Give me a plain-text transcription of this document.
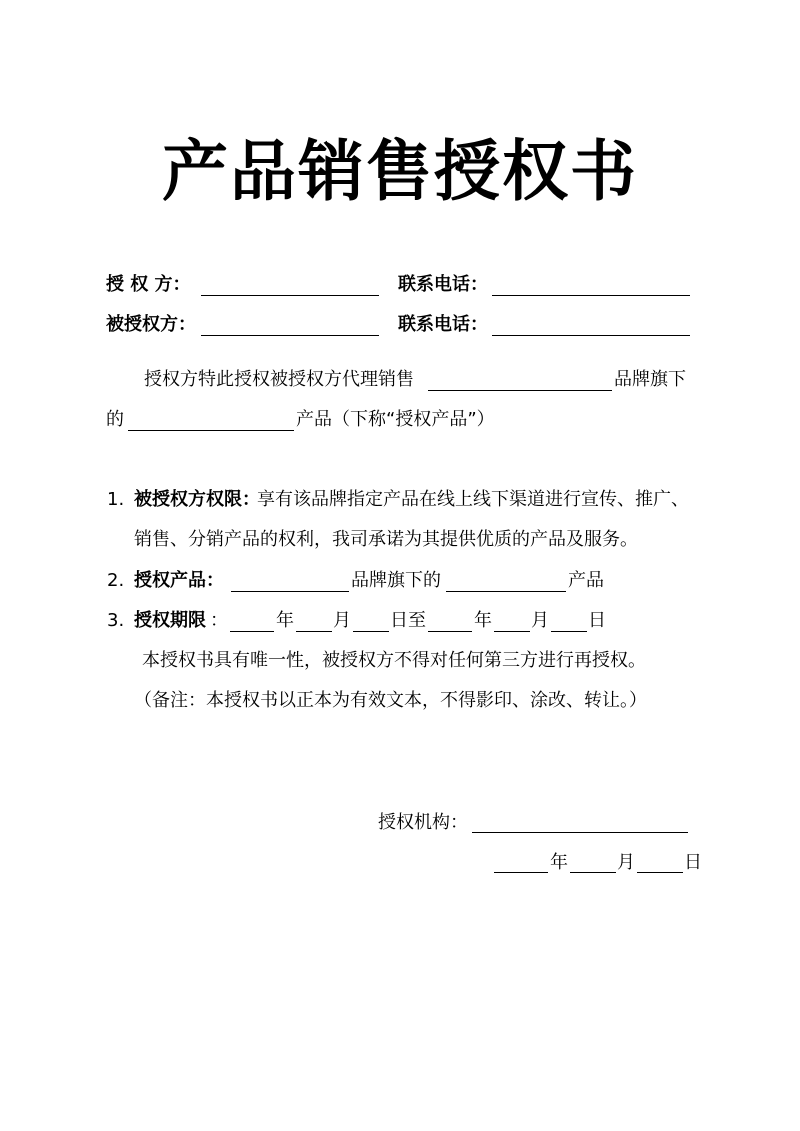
产品销售授权书
授 权 方：	联系电话：
被授权方：	联系电话：
授权方特此授权被授权方代理销售	品牌旗下
的	产品（下称“授权产品”）
1. 被授权方权限：
享有该品牌指定产品在线上线下渠道进行宣传、推广、
销售、分销产品的权利，我司承诺为其提供优质的产品及服务。
2. 授权产品：	品牌旗下的	产品
3. 授权期限 ：	年 月 日至	年 月 日
本授权书具有唯一性，被授权方不得对任何第三方进行再授权。
（备注：本授权书以正本为有效文本，不得影印、涂改、转让。）
授权机构：
年	月	日
